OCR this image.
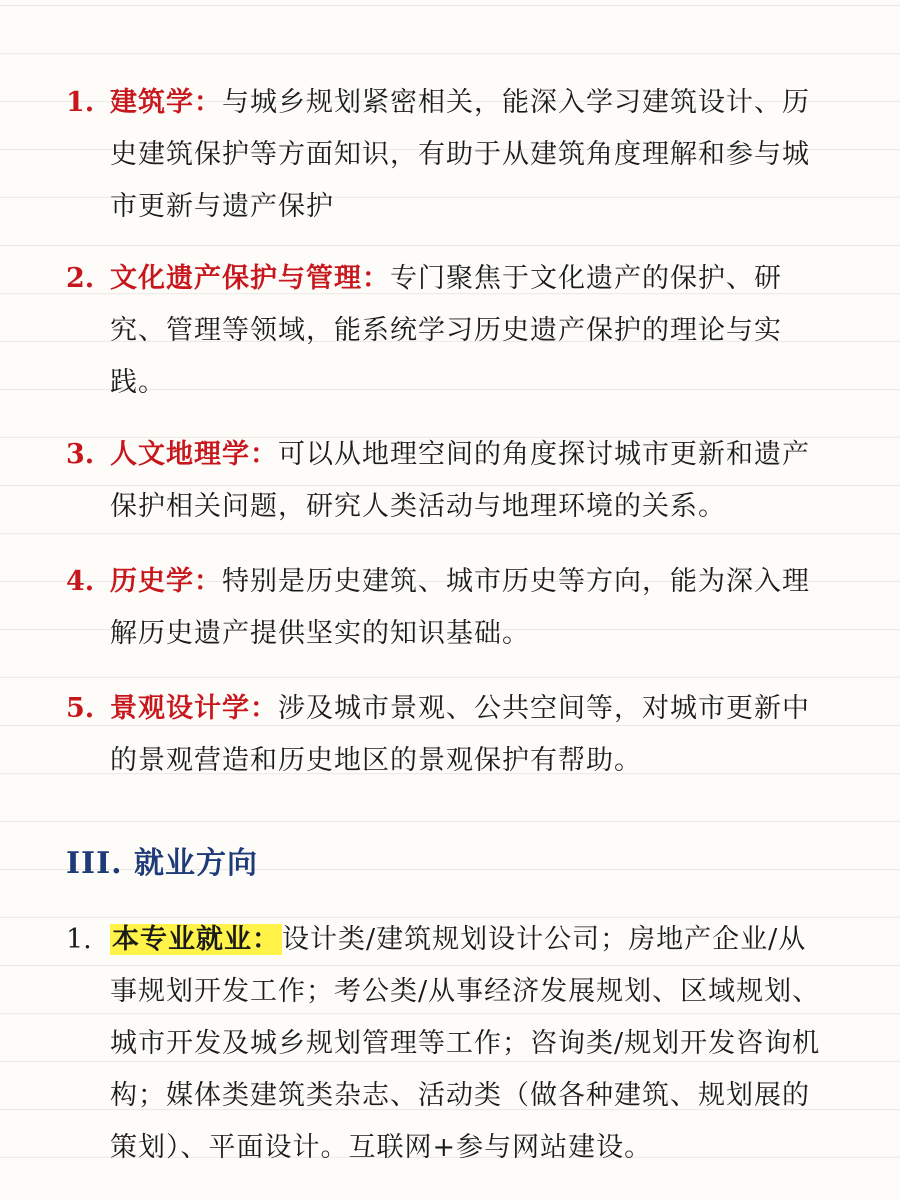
1. 建筑学：与城乡规划紧密相关，能深入学习建筑设计、历史建筑保护等方面知识，有助于从建筑角度理解和参与城市更新与遗产保护
2. 文化遗产保护与管理：专门聚焦于文化遗产的保护、研究、管理等领域，能系统学习历史遗产保护的理论与实践。
3. 人文地理学：可以从地理空间的角度探讨城市更新和遗产保护相关问题，研究人类活动与地理环境的关系。
4. 历史学：特别是历史建筑、城市历史等方向，能为深入理解历史遗产提供坚实的知识基础。
5. 景观设计学：涉及城市景观、公共空间等，对城市更新中的景观营造和历史地区的景观保护有帮助。
III. 就业方向
1. 本专业就业：设计类/建筑规划设计公司；房地产企业/从事规划开发工作；考公类/从事经济发展规划、区域规划、城市开发及城乡规划管理等工作；咨询类/规划开发咨询机构；媒体类建筑类杂志、活动类（做各种建筑、规划展的策划）、平面设计。互联网+参与网站建设。
